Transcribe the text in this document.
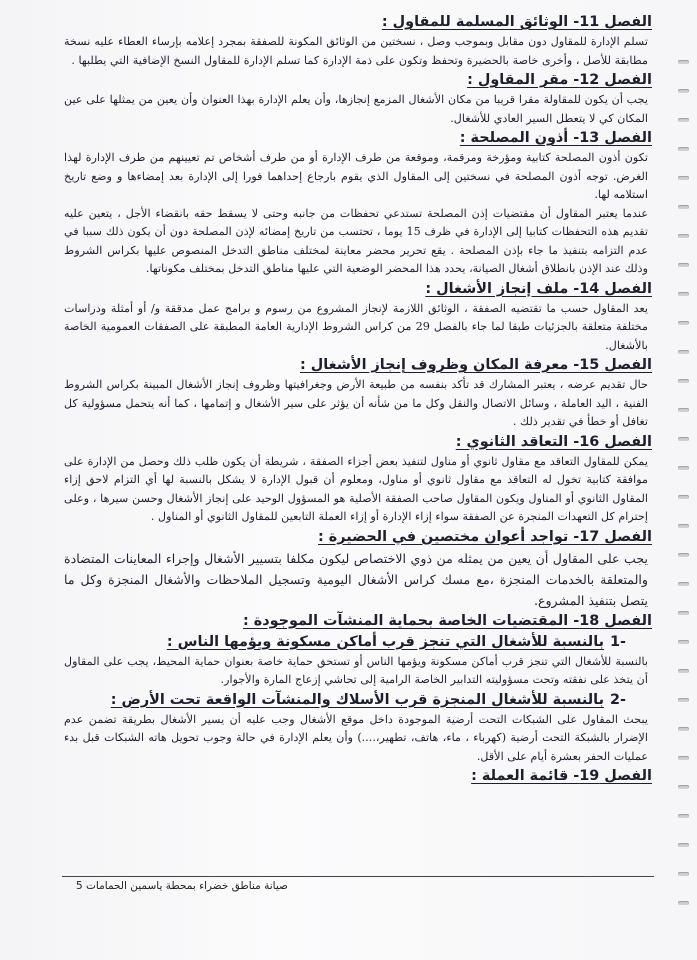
الفصل 11- الوثائق المسلمة للمقاول :

تسلم الإدارة للمقاول دون مقابل وبموجب وصل ، نسختين من الوثائق المكونة للصفقة بمجرد إعلامه بإرساء العطاء عليه نسخة مطابقة للأصل ، وأخرى خاصة بالحضيرة وتحفظ وتكون على ذمة الإدارة كما تسلم الإدارة للمقاول النسخ الإضافية التي يطلبها .

الفصل 12- مقر المقاول :

يجب أن يكون للمقاولة مقرا قريبا من مكان الأشغال المزمع إنجازها، وأن يعلم الإدارة بهذا العنوان وأن يعين من يمثلها على عين المكان كي لا يتعطل السير العادي للأشغال.

الفصل 13- أذون المصلحة :

تكون أذون المصلحة كتابية ومؤرخة ومرقمة، وموقعة من طرف الإدارة أو من طرف أشخاص تم تعيينهم من طرف الإدارة لهذا الغرض. توجه أذون المصلحة في نسختين إلى المقاول الذي يقوم بارجاع إحداهما فورا إلى الإدارة بعد إمضاءها و وضع تاريخ استلامه لها.

عندما يعتبر المقاول أن مقتضيات إذن المصلحة تستدعي تحفظات من جانبه وحتى لا يسقط حقه بانقضاء الأجل ، يتعين عليه تقديم هذه التحفظات كتابيا إلى الإدارة في ظرف 15 يوما ، تحتسب من تاريخ إمضائه لإذن المصلحة دون أن يكون ذلك سببا في عدم التزامه بتنفيذ ما جاء بإذن المصلحة . يقع تحرير محضر معاينة لمختلف مناطق التدخل المنصوص عليها بكراس الشروط وذلك عند الإذن بانطلاق أشغال الصيانة، يحدد هذا المحضر الوضعية التي عليها مناطق التدخل بمختلف مكوناتها.

الفصل 14- ملف إنجاز الأشغال :

يعد المقاول حسب ما تقتضيه الصفقة ، الوثائق اللازمة لإنجاز المشروع من رسوم و برامج عمل مدققة و/ أو أمثلة ودراسات مختلفة متعلقة بالجزئيات طبقا لما جاء بالفصل 29 من كراس الشروط الإدارية العامة المطبقة على الصفقات العمومية الخاصة بالأشغال.

الفصل 15- معرفة المكان وظروف إنجاز الأشغال :

حال تقديم عرضه ، يعتبر المشارك قد تأكد بنفسه من طبيعة الأرض وجغرافيتها وظروف إنجاز الأشغال المبينة بكراس الشروط الفنية ، اليد العاملة ، وسائل الاتصال والنقل وكل ما من شأنه أن يؤثر على سير الأشغال و إتمامها ، كما أنه يتحمل مسؤولية كل تغافل أو خطأ في تقدير ذلك .

الفصل 16- التعاقد الثانوي :

يمكن للمقاول التعاقد مع مقاول ثانوي أو مناول لتنفيذ بعض أجزاء الصفقة ، شريطة أن يكون طلب ذلك وحصل من الإدارة على موافقة كتابية تخول له التعاقد مع مقاول ثانوي أو مناول، ومعلوم أن قبول الإدارة لا يشكل بالنسبة لها أي التزام لاحق إزاء المقاول الثانوي أو المناول ويكون المقاول صاحب الصفقة الأصلية هو المسؤول الوحيد على إنجاز الأشغال وحسن سيرها ، وعلى إحترام كل التعهدات المنجرة عن الصفقة سواء إزاء الإدارة أو إزاء العملة التابعين للمقاول الثانوي أو المناول .

الفصل 17- تواجد أعوان مختصين في الحضيرة :

يجب على المقاول أن يعين من يمثله من ذوي الاختصاص ليكون مكلفا بتسيير الأشغال وإجراء المعاينات المتضادة والمتعلقة بالخدمات المنجزة ،مع مسك كراس الأشغال اليومية وتسجيل الملاحظات والأشغال المنجزة وكل ما يتصل بتنفيذ المشروع.

الفصل 18- المقتضيات الخاصة بحماية المنشآت الموجودة :
-1
بالنسبة للأشغال التي تنجز قرب أماكن مسكونة ويؤمها الناس :

بالنسبة للأشغال التي تنجز قرب أماكن مسكونة ويؤمها الناس أو تستحق حماية خاصة بعنوان حماية المحيط، يجب على المقاول أن يتخذ على نفقته وتحت مسؤوليته التدابير الخاصة الرامية إلى تحاشي إزعاج المارة والأجوار.

-2
بالنسبة للأشغال المنجزة قرب الأسلاك والمنشآت الواقعة تحت الأرض :

يبحث المقاول على الشبكات التحت أرضية الموجودة داخل موقع الأشغال وجب عليه أن يسير الأشغال بطريقة تضمن عدم الإضرار بالشبكة التحت أرضية (كهرباء ، ماء، هاتف، تطهير،....) وأن يعلم الإدارة في حالة وجوب تحويل هاته الشبكات قبل بدء عمليات الحفر بعشرة أيام على الأقل.

الفصل 19- قائمة العملة :
صيانة مناطق خضراء بمحطة ياسمين الحمامات 5
